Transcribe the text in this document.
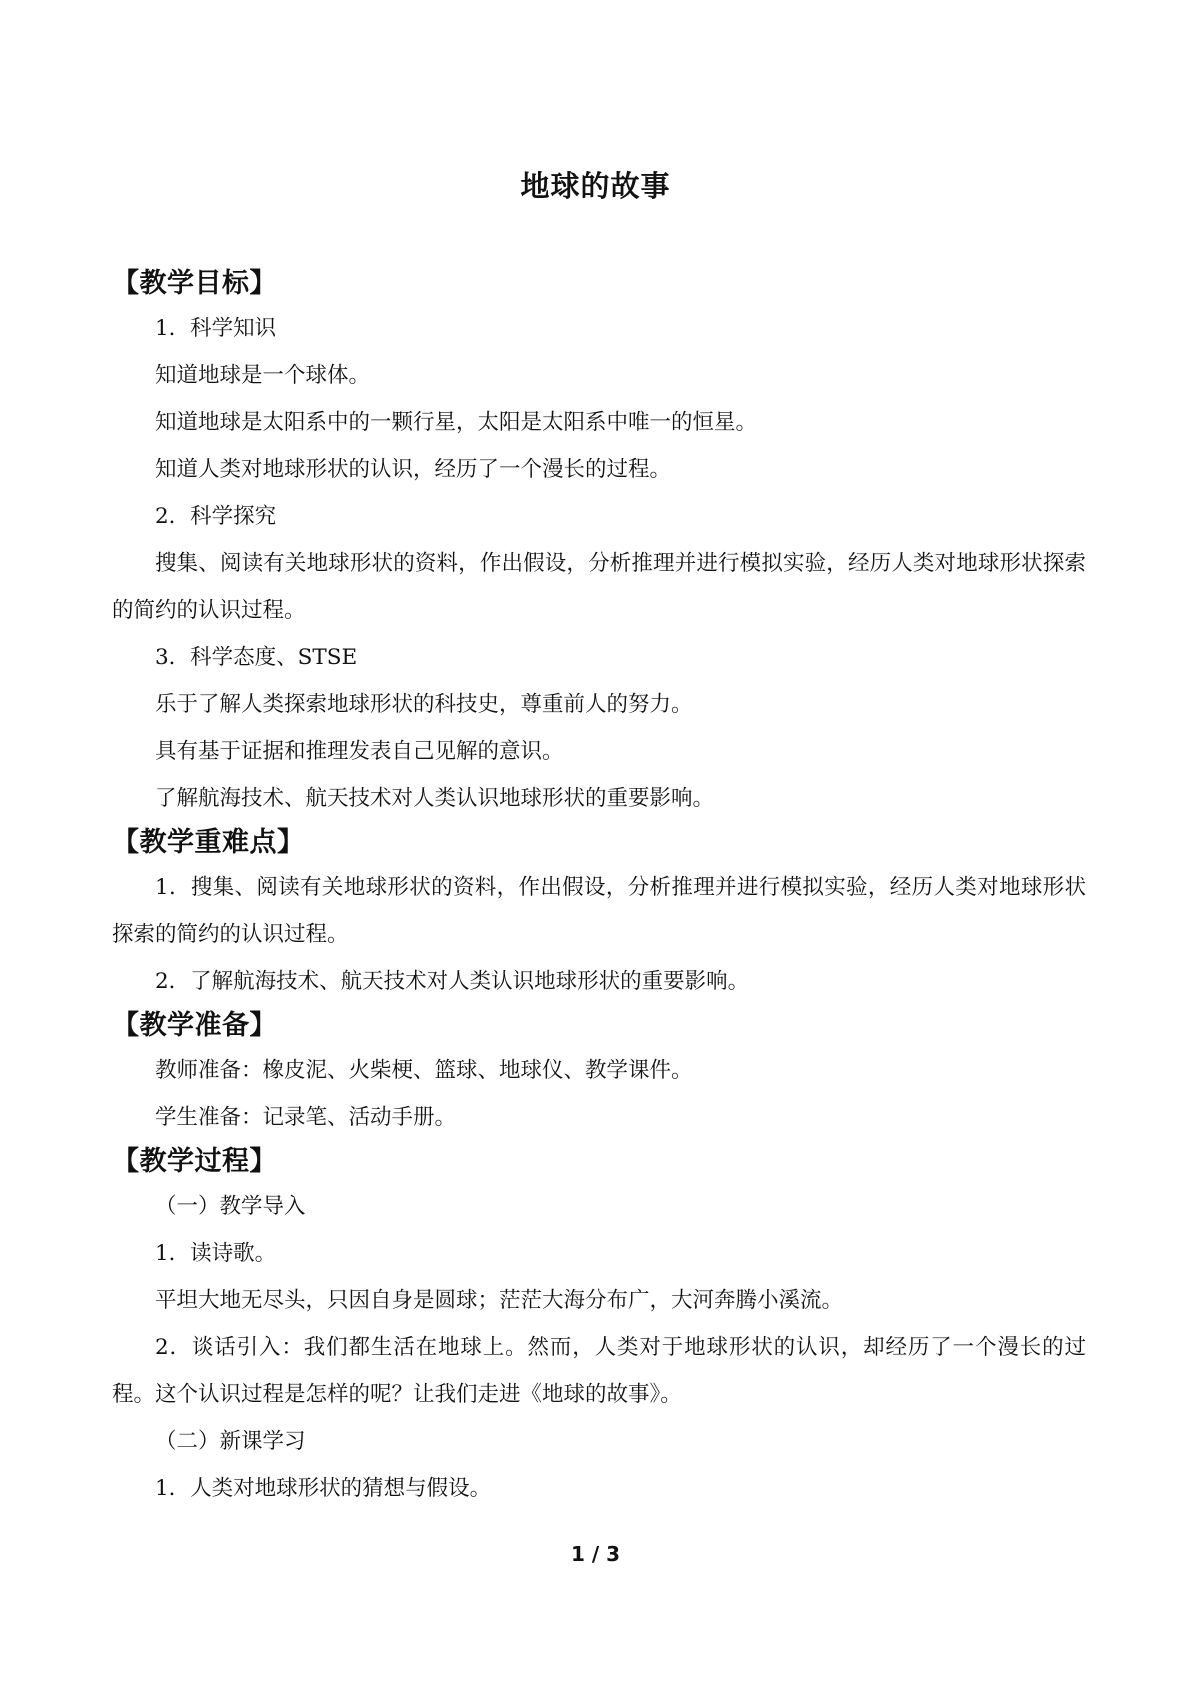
地球的故事
【教学目标】

1．科学知识

知道地球是一个球体。

知道地球是太阳系中的一颗行星，太阳是太阳系中唯一的恒星。

知道人类对地球形状的认识，经历了一个漫长的过程。

2．科学探究

搜集、阅读有关地球形状的资料，作出假设，分析推理并进行模拟实验，经历人类对地球形状探索的简约的认识过程。

3．科学态度、STSE

乐于了解人类探索地球形状的科技史，尊重前人的努力。

具有基于证据和推理发表自己见解的意识。

了解航海技术、航天技术对人类认识地球形状的重要影响。

【教学重难点】

1．搜集、阅读有关地球形状的资料，作出假设，分析推理并进行模拟实验，经历人类对地球形状探索的简约的认识过程。

2．了解航海技术、航天技术对人类认识地球形状的重要影响。

【教学准备】

教师准备：橡皮泥、火柴梗、篮球、地球仪、教学课件。

学生准备：记录笔、活动手册。

【教学过程】

（一）教学导入

1．读诗歌。

平坦大地无尽头，只因自身是圆球；茫茫大海分布广，大河奔腾小溪流。

2．谈话引入：我们都生活在地球上。然而，人类对于地球形状的认识，却经历了一个漫长的过程。这个认识过程是怎样的呢？让我们走进《地球的故事》。

（二）新课学习

1．人类对地球形状的猜想与假设。

1 / 3
